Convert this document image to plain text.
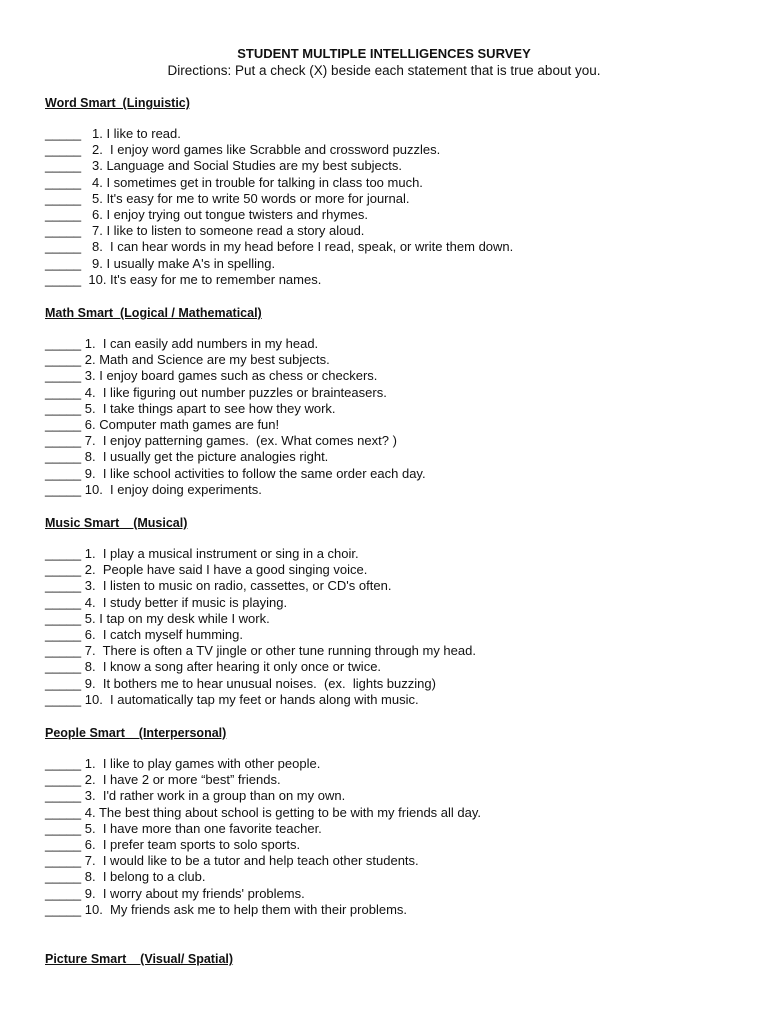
STUDENT MULTIPLE INTELLIGENCES SURVEY
Directions: Put a check (X) beside each statement that is true about you.
Word Smart  (Linguistic)
_____   1. I like to read.
_____   2.  I enjoy word games like Scrabble and crossword puzzles.
_____   3. Language and Social Studies are my best subjects.
_____   4. I sometimes get in trouble for talking in class too much.
_____   5. It's easy for me to write 50 words or more for journal.
_____   6. I enjoy trying out tongue twisters and rhymes.
_____   7. I like to listen to someone read a story aloud.
_____   8.  I can hear words in my head before I read, speak, or write them down.
_____   9. I usually make A's in spelling.
_____  10. It's easy for me to remember names.
Math Smart  (Logical / Mathematical)
_____ 1.  I can easily add numbers in my head.
_____ 2. Math and Science are my best subjects.
_____ 3. I enjoy board games such as chess or checkers.
_____ 4.  I like figuring out number puzzles or brainteasers.
_____ 5.  I take things apart to see how they work.
_____ 6. Computer math games are fun!
_____ 7.  I enjoy patterning games.  (ex. What comes next? )
_____ 8.  I usually get the picture analogies right.
_____ 9.  I like school activities to follow the same order each day.
_____ 10.  I enjoy doing experiments.
Music Smart    (Musical)
_____ 1.  I play a musical instrument or sing in a choir.
_____ 2.  People have said I have a good singing voice.
_____ 3.  I listen to music on radio, cassettes, or CD's often.
_____ 4.  I study better if music is playing.
_____ 5. I tap on my desk while I work.
_____ 6.  I catch myself humming.
_____ 7.  There is often a TV jingle or other tune running through my head.
_____ 8.  I know a song after hearing it only once or twice.
_____ 9.  It bothers me to hear unusual noises.  (ex.  lights buzzing)
_____ 10.  I automatically tap my feet or hands along with music.
People Smart    (Interpersonal)
_____ 1.  I like to play games with other people.
_____ 2.  I have 2 or more “best” friends.
_____ 3.  I'd rather work in a group than on my own.
_____ 4. The best thing about school is getting to be with my friends all day.
_____ 5.  I have more than one favorite teacher.
_____ 6.  I prefer team sports to solo sports.
_____ 7.  I would like to be a tutor and help teach other students.
_____ 8.  I belong to a club.
_____ 9.  I worry about my friends' problems.
_____ 10.  My friends ask me to help them with their problems.
Picture Smart    (Visual/ Spatial)
